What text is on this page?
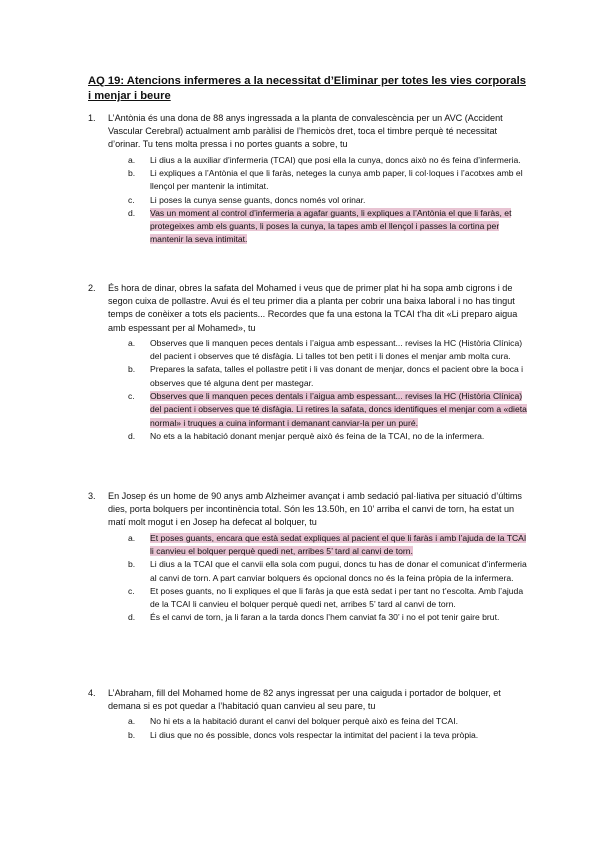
AQ 19: Atencions infermeres a la necessitat d’Eliminar per totes les vies corporals i menjar i beure
1. L’Antònia és una dona de 88 anys ingressada a la planta de convalescència per un AVC (Accident Vascular Cerebral) actualment amb paràlisi de l’hemicòs dret, toca el timbre perquè té necessitat d’orinar. Tu tens molta pressa i no portes guants a sobre, tu
a. Li dius a la auxiliar d’infermeria (TCAI) que posi ella la cunya, doncs això no és feina d’infermeria.
b. Li expliques a l’Antònia el que li faràs, neteges la cunya amb paper, li col·loques i l’acotxes amb el llençol per mantenir la intimitat.
c. Li poses la cunya sense guants, doncs només vol orinar.
d. Vas un moment al control d’infermeria a agafar guants, li expliques a l’Antònia el que li faràs, et protegeixes amb els guants, li poses la cunya, la tapes amb el llençol i passes la cortina per mantenir la seva intimitat.
2. És hora de dinar, obres la safata del Mohamed i veus que de primer plat hi ha sopa amb cigrons i de segon cuixa de pollastre. Avui és el teu primer dia a planta per cobrir una baixa laboral i no has tingut temps de conèixer a tots els pacients... Recordes que fa una estona la TCAI t’ha dit «Li preparo aigua amb espessant per al Mohamed», tu
a. Observes que li manquen peces dentals i l’aigua amb espessant... revises la HC (Història Clínica) del pacient i observes que té disfàgia. Li talles tot ben petit i li dones el menjar amb molta cura.
b. Prepares la safata, talles el pollastre petit i li vas donant de menjar, doncs el pacient obre la boca i observes que té alguna dent per mastegar.
c. Observes que li manquen peces dentals i l’aigua amb espessant... revises la HC (Història Clínica) del pacient i observes que té disfàgia. Li retires la safata, doncs identifiques el menjar com a «dieta normal» i truques a cuina informant i demanant canviar-la per un puré.
d. No ets a la habitació donant menjar perquè això és feina de la TCAI, no de la infermera.
3. En Josep és un home de 90 anys amb Alzheimer avançat i amb sedació pal·liativa per situació d’últims dies, porta bolquers per incontinència total. Són les 13.50h, en 10’ arriba el canvi de torn, ha estat un matí molt mogut i en Josep ha defecat al bolquer, tu
a. Et poses guants, encara que està sedat expliques al pacient el que li faràs i amb l’ajuda de la TCAI li canvieu el bolquer perquè quedi net, arribes 5’ tard al canvi de torn.
b. Li dius a la TCAI que el canvii ella sola com pugui, doncs tu has de donar el comunicat d’infermeria al canvi de torn. A part canviar bolquers és opcional doncs no és la feina pròpia de la infermera.
c. Et poses guants, no li expliques el que li faràs ja que està sedat i per tant no t’escolta. Amb l’ajuda de la TCAI li canvieu el bolquer perquè quedi net, arribes 5’ tard al canvi de torn.
d. És el canvi de torn, ja li faran a la tarda doncs l’hem canviat fa 30’ i no el pot tenir gaire brut.
4. L’Abraham, fill del Mohamed home de 82 anys ingressat per una caiguda i portador de bolquer, et demana si es pot quedar a l’habitació quan canvieu al seu pare, tu
a. No hi ets a la habitació durant el canvi del bolquer perquè això es feina del TCAI.
b. Li dius que no és possible, doncs vols respectar la intimitat del pacient i la teva pròpia.
